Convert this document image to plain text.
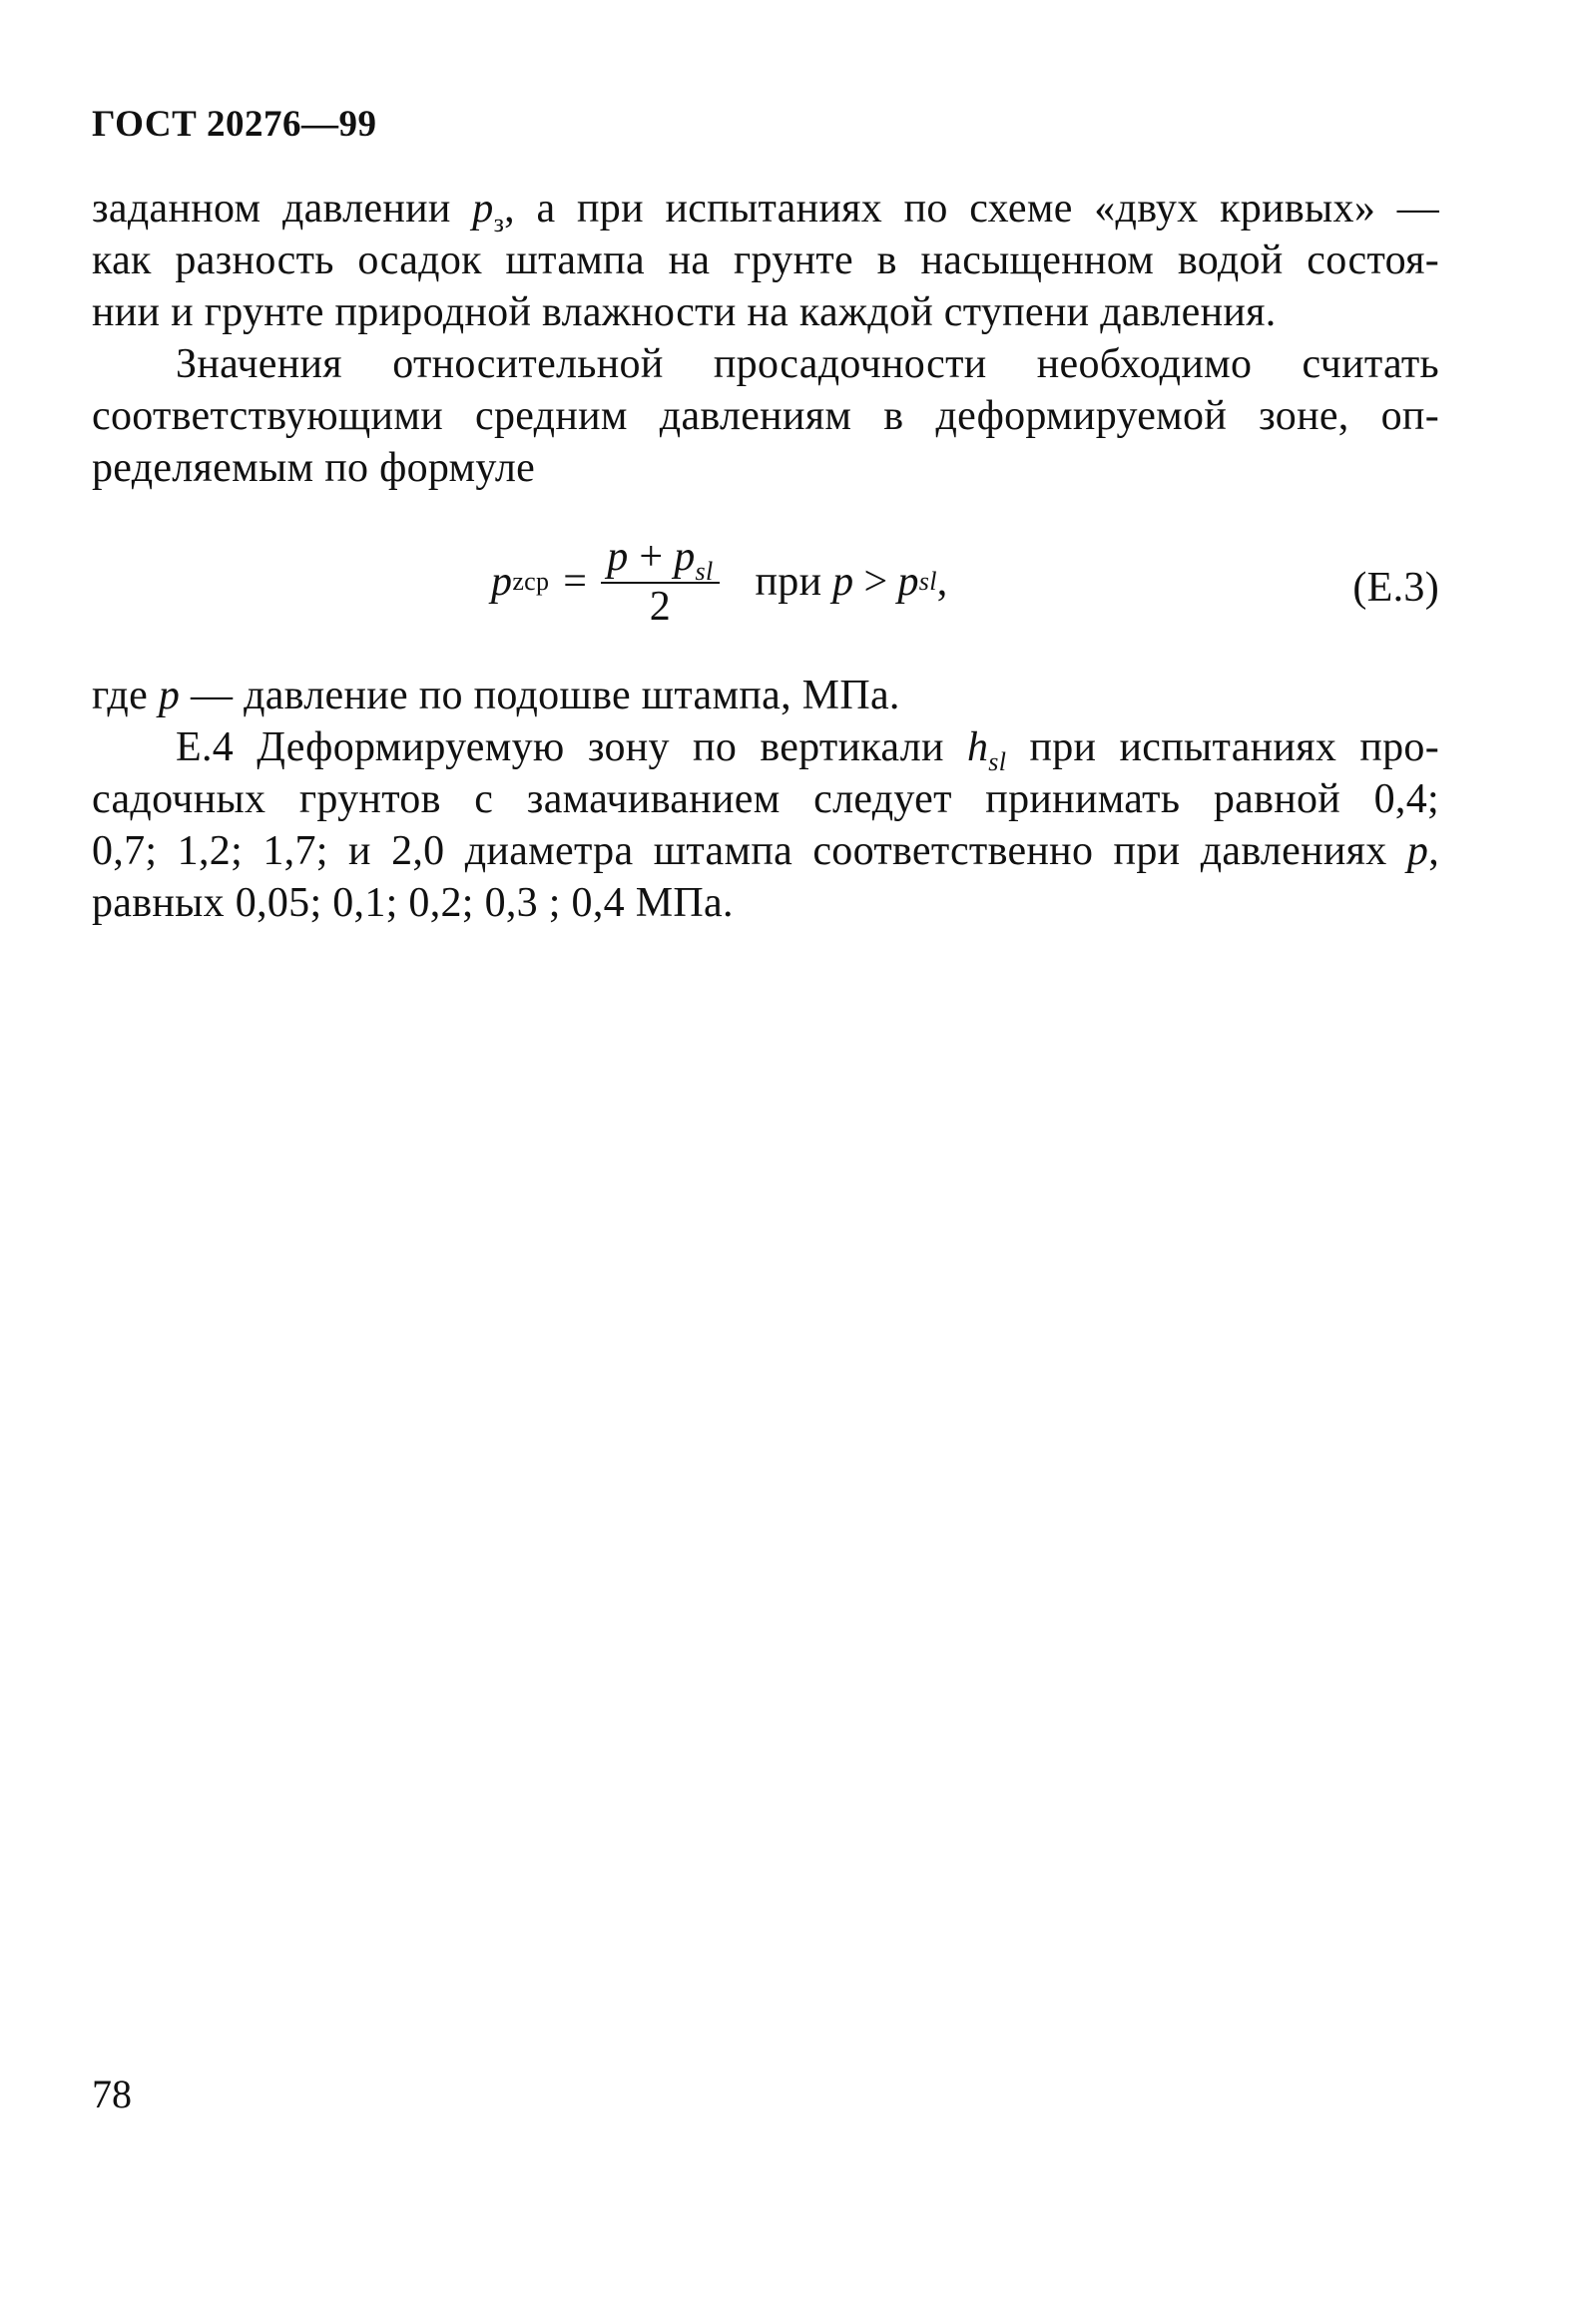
ГОСТ 20276—99
заданном давлении $p_з$, а при испытаниях по схеме «двух кривых» —
как разность осадок штампа на грунте в насыщенном водой состоя-
нии и грунте природной влажности на каждой ступени давления.
Значения относительной просадочности необходимо считать
соответствующими средним давлениям в деформируемой зоне, оп-
ределяемым по формуле
p zcp = $\frac{p + p_{sl}}{2}$ при p > p sl ,	(Е.3)
где p — давление по подошве штампа, МПа.
Е.4 Деформируемую зону по вертикали $h_{sl}$ при испытаниях про-
садочных грунтов с замачиванием следует принимать равной 0,4;
0,7; 1,2; 1,7; и 2,0 диаметра штампа соответственно при давлениях p,
равных 0,05; 0,1; 0,2; 0,3 ; 0,4 МПа.
78
